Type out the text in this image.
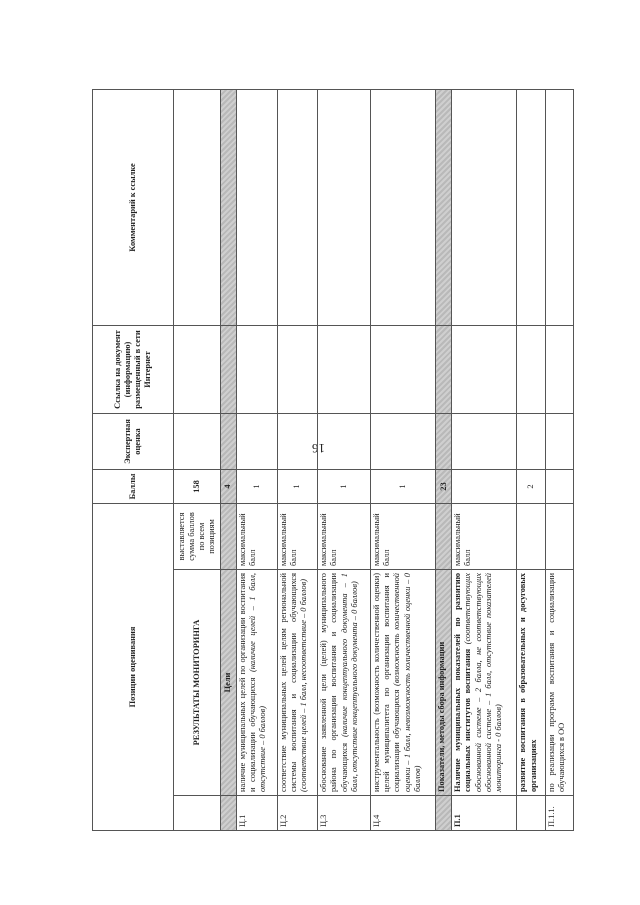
16
Позиции оценивания			Баллы	Экспертная оценка	Ссылка на документ (информацию) размещенный в сети Интернет	Комментарий к ссылке
	РЕЗУЛЬТАТЫ МОНИТОРИНГА	выставляется сумма баллов по всем позициям	158			
	Цели		4			
Ц.1	наличие муниципальных целей по организации воспитания и социализации обучающихся (наличие целей – 1 балл, отсутствие – 0 баллов)	максимальный балл	1			
Ц.2	соответствие муниципальных целей целям региональной системы воспитания и социализации обучающихся (соответствие целей – 1 балл, несоответствие – 0 баллов)	максимальный балл	1			
Ц.3	обоснование заявленной цели (целей) муниципального района по организации воспитания и социализации обучающихся (наличие концептуального документа – 1 балл, отсутствие концептуального документа – 0 баллов)	максимальный балл	1			
Ц.4	инструментальность (возможность количественной оценки) целей муниципалитета по организации воспитания и социализации обучающихся (возможность количественной оценки – 1 балл, невозможность количественной оценки – 0 баллов)	максимальный балл	1			
	Показатели, методы сбора информации		23			
П.1	Наличие муниципальных показателей по развитию социальных институтов воспитания (соответствующих обоснованной системе – 2 балла, не соответствующих обоснованной системе – 1 балл, отсутствие показателей мониторинга - 0 баллов)	максимальный балл				
	развитие воспитания в образовательных и досуговых организациях		2			
П.1.1.	по реализации программ воспитания и социализации обучающихся в ОО					
